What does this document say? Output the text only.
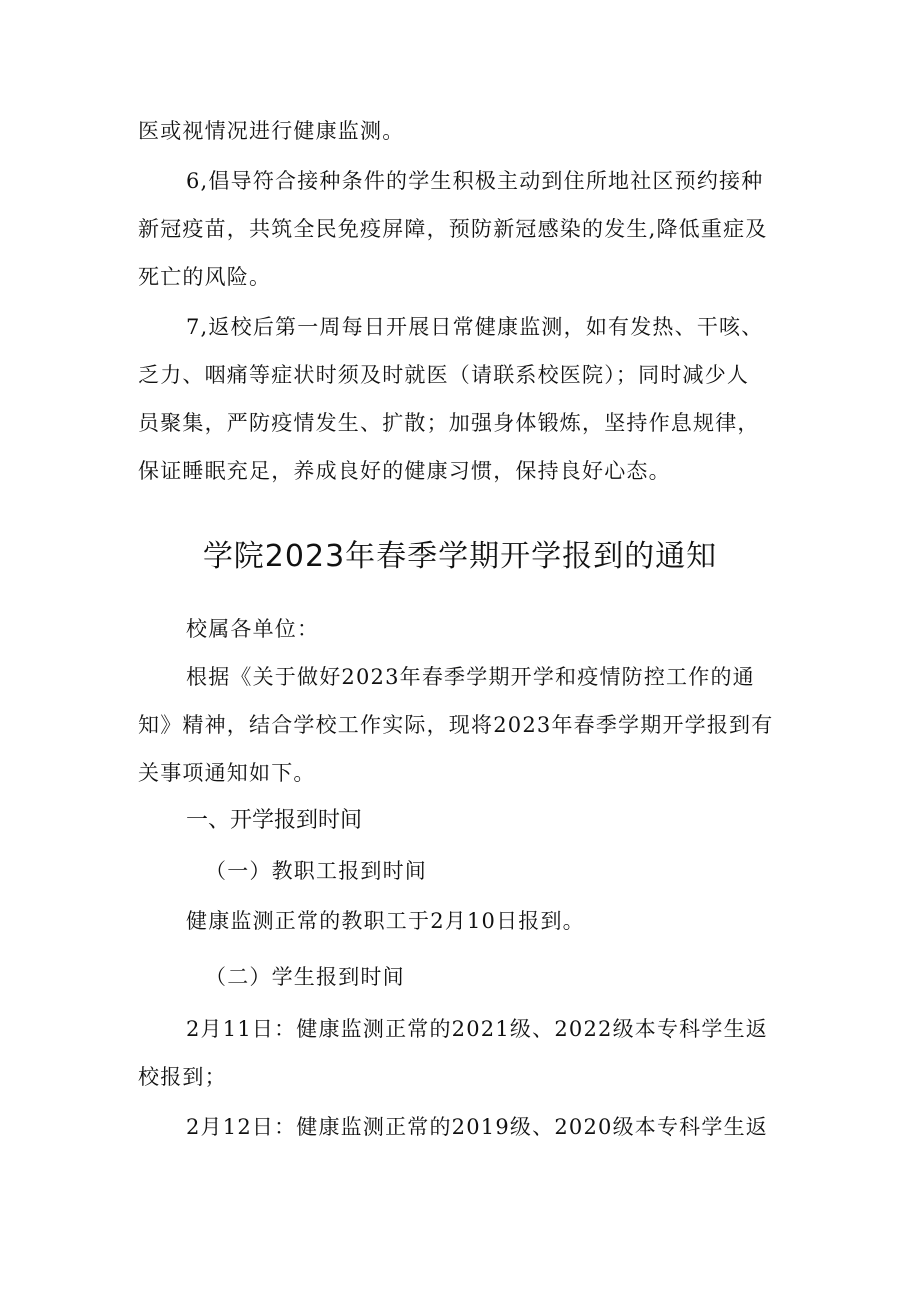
医或视情况进行健康监测。
6,倡导符合接种条件的学生积极主动到住所地社区预约接种
新冠疫苗，共筑全民免疫屏障，预防新冠感染的发生,降低重症及
死亡的风险。
7,返校后第一周每日开展日常健康监测，如有发热、干咳、
乏力、咽痛等症状时须及时就医（请联系校医院）；同时减少人
员聚集，严防疫情发生、扩散；加强身体锻炼，坚持作息规律，
保证睡眠充足，养成良好的健康习惯，保持良好心态。
学院2023年春季学期开学报到的通知
校属各单位：
根据《关于做好2023年春季学期开学和疫情防控工作的通
知》精神，结合学校工作实际，现将2023年春季学期开学报到有
关事项通知如下。
一、开学报到时间
（一）教职工报到时间
健康监测正常的教职工于2月10日报到。
（二）学生报到时间
2月11日：健康监测正常的2021级、2022级本专科学生返
校报到；
2月12日：健康监测正常的2019级、2020级本专科学生返
